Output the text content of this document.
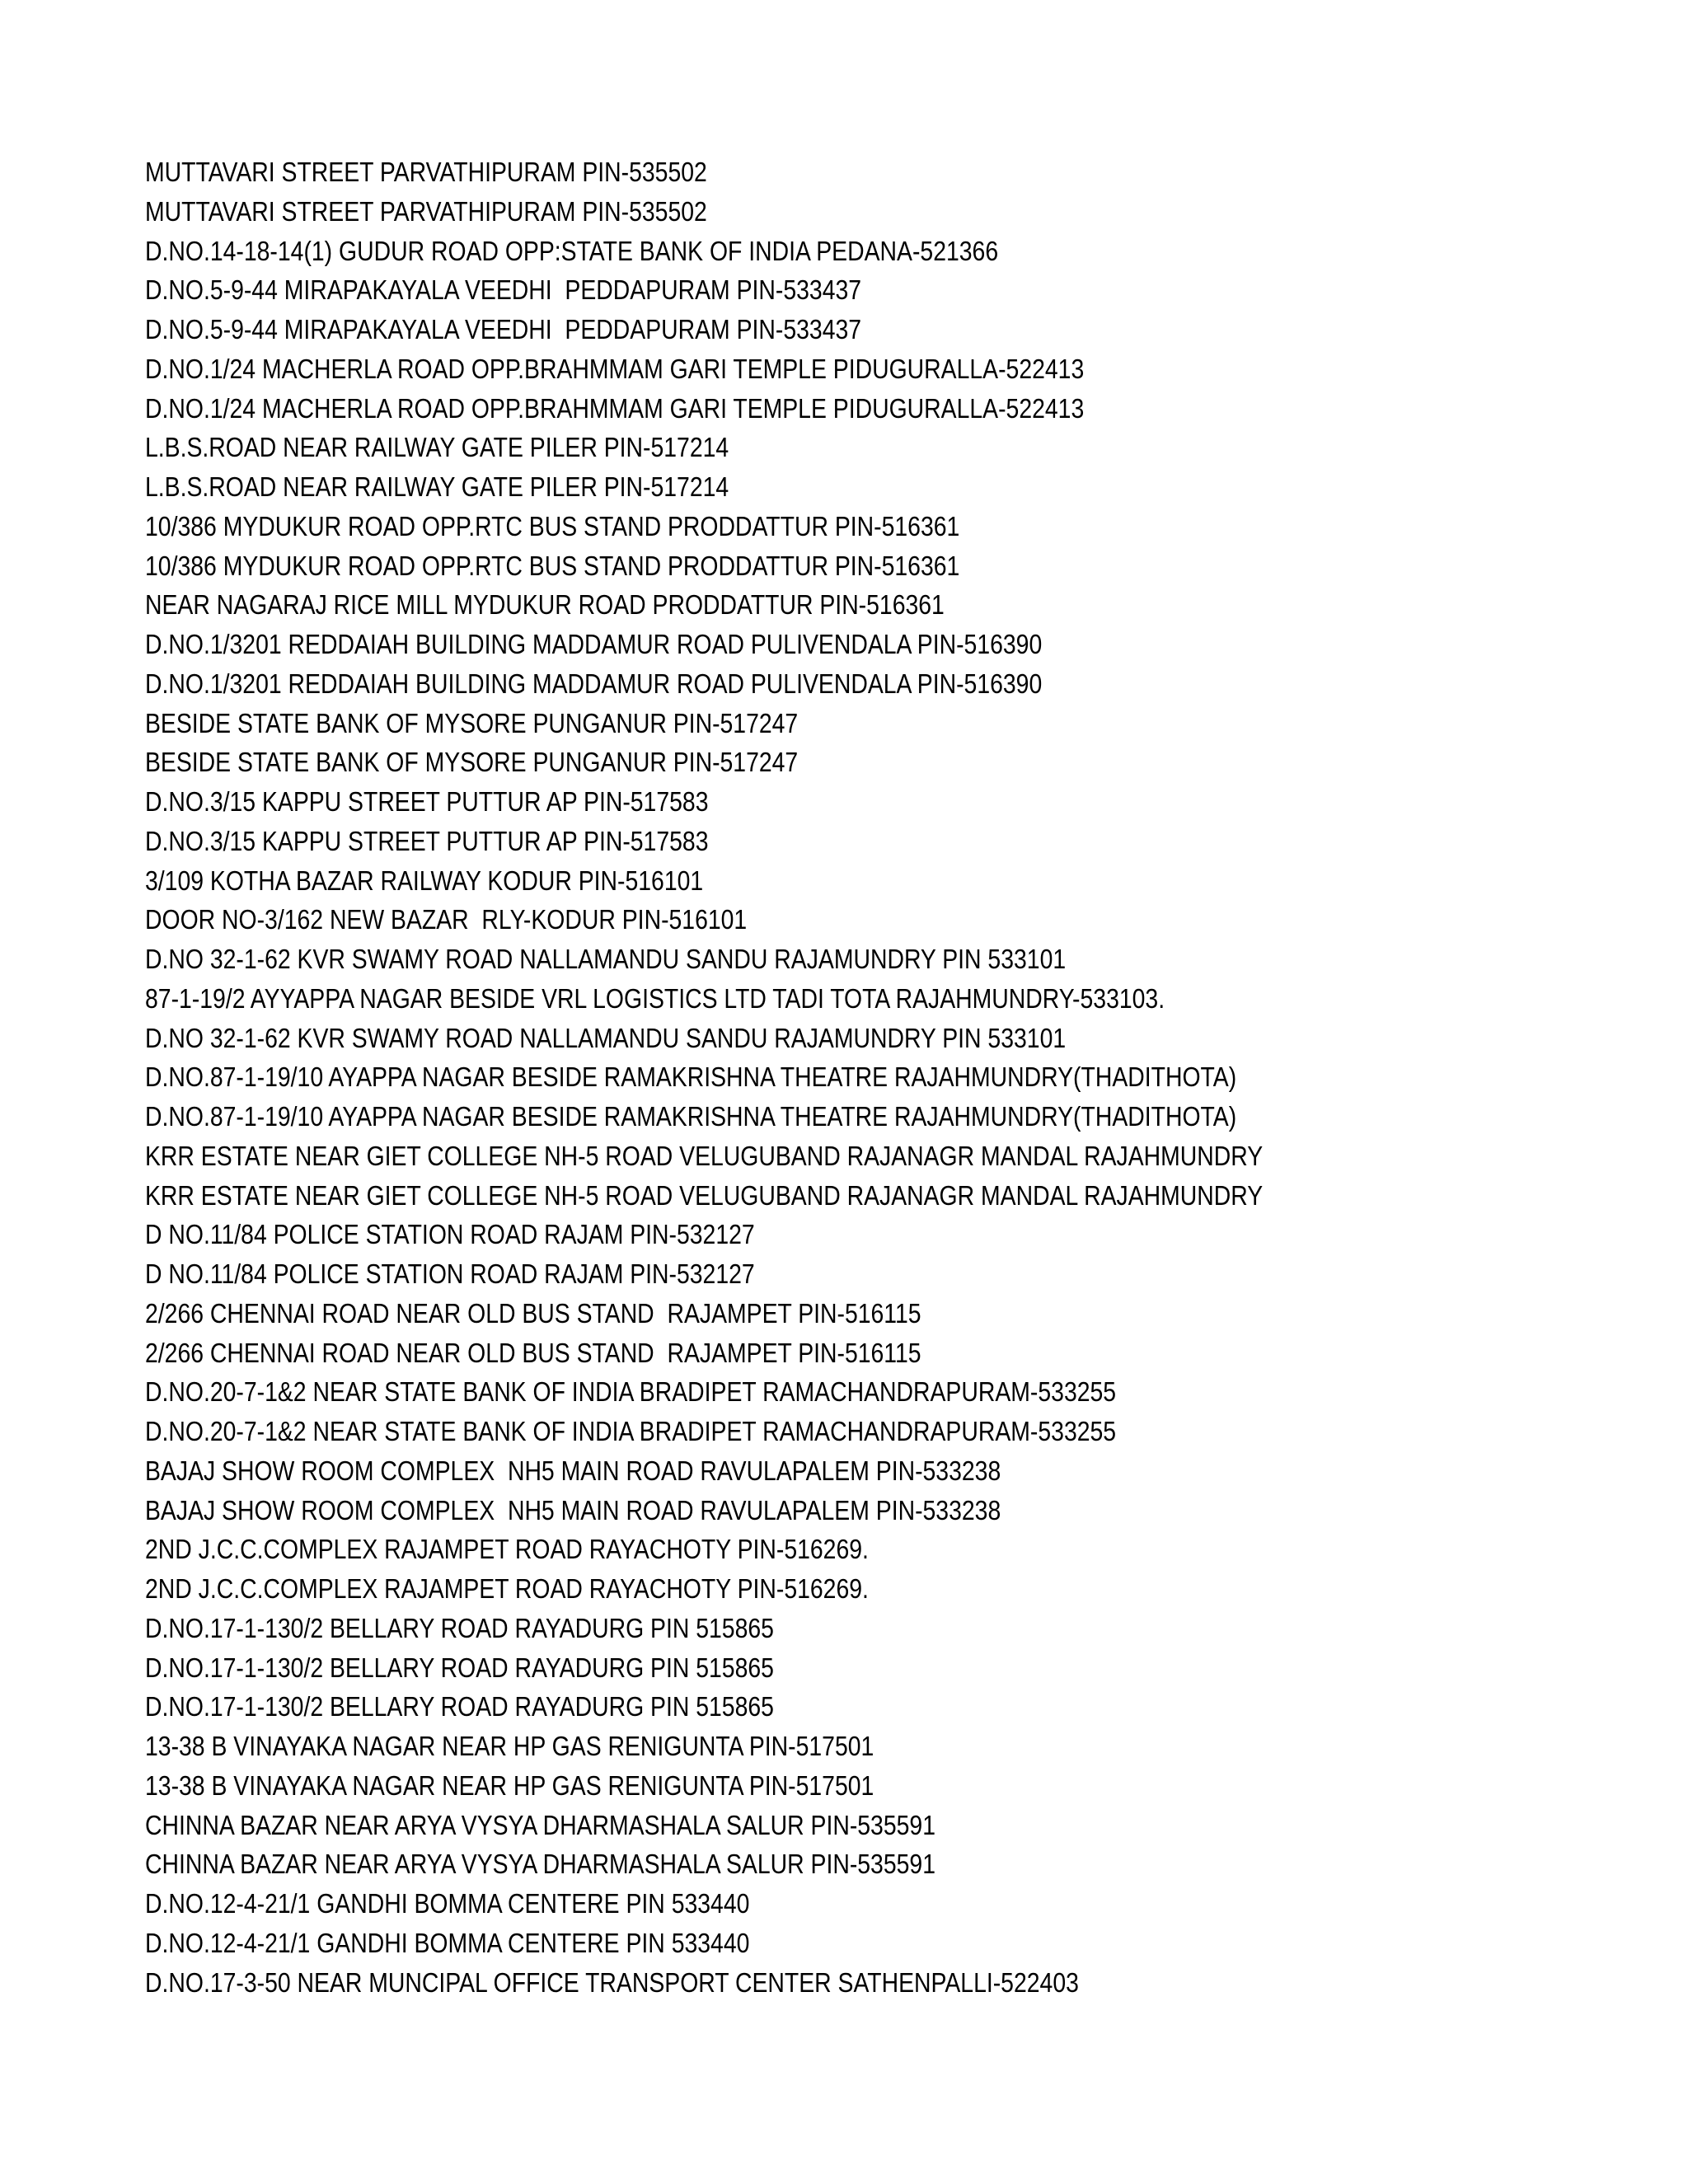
MUTTAVARI STREET PARVATHIPURAM PIN-535502
MUTTAVARI STREET PARVATHIPURAM PIN-535502
D.NO.14-18-14(1) GUDUR ROAD OPP:STATE BANK OF INDIA PEDANA-521366
D.NO.5-9-44 MIRAPAKAYALA VEEDHI  PEDDAPURAM PIN-533437
D.NO.5-9-44 MIRAPAKAYALA VEEDHI  PEDDAPURAM PIN-533437
D.NO.1/24 MACHERLA ROAD OPP.BRAHMMAM GARI TEMPLE PIDUGURALLA-522413
D.NO.1/24 MACHERLA ROAD OPP.BRAHMMAM GARI TEMPLE PIDUGURALLA-522413
L.B.S.ROAD NEAR RAILWAY GATE PILER PIN-517214
L.B.S.ROAD NEAR RAILWAY GATE PILER PIN-517214
10/386 MYDUKUR ROAD OPP.RTC BUS STAND PRODDATTUR PIN-516361
10/386 MYDUKUR ROAD OPP.RTC BUS STAND PRODDATTUR PIN-516361
NEAR NAGARAJ RICE MILL MYDUKUR ROAD PRODDATTUR PIN-516361
D.NO.1/3201 REDDAIAH BUILDING MADDAMUR ROAD PULIVENDALA PIN-516390
D.NO.1/3201 REDDAIAH BUILDING MADDAMUR ROAD PULIVENDALA PIN-516390
BESIDE STATE BANK OF MYSORE PUNGANUR PIN-517247
BESIDE STATE BANK OF MYSORE PUNGANUR PIN-517247
D.NO.3/15 KAPPU STREET PUTTUR AP PIN-517583
D.NO.3/15 KAPPU STREET PUTTUR AP PIN-517583
3/109 KOTHA BAZAR RAILWAY KODUR PIN-516101
DOOR NO-3/162 NEW BAZAR  RLY-KODUR PIN-516101
D.NO 32-1-62 KVR SWAMY ROAD NALLAMANDU SANDU RAJAMUNDRY PIN 533101
87-1-19/2 AYYAPPA NAGAR BESIDE VRL LOGISTICS LTD TADI TOTA RAJAHMUNDRY-533103.
D.NO 32-1-62 KVR SWAMY ROAD NALLAMANDU SANDU RAJAMUNDRY PIN 533101
D.NO.87-1-19/10 AYAPPA NAGAR BESIDE RAMAKRISHNA THEATRE RAJAHMUNDRY(THADITHOTA)
D.NO.87-1-19/10 AYAPPA NAGAR BESIDE RAMAKRISHNA THEATRE RAJAHMUNDRY(THADITHOTA)
KRR ESTATE NEAR GIET COLLEGE NH-5 ROAD VELUGUBAND RAJANAGR MANDAL RAJAHMUNDRY
KRR ESTATE NEAR GIET COLLEGE NH-5 ROAD VELUGUBAND RAJANAGR MANDAL RAJAHMUNDRY
D NO.11/84 POLICE STATION ROAD RAJAM PIN-532127
D NO.11/84 POLICE STATION ROAD RAJAM PIN-532127
2/266 CHENNAI ROAD NEAR OLD BUS STAND  RAJAMPET PIN-516115
2/266 CHENNAI ROAD NEAR OLD BUS STAND  RAJAMPET PIN-516115
D.NO.20-7-1&2 NEAR STATE BANK OF INDIA BRADIPET RAMACHANDRAPURAM-533255
D.NO.20-7-1&2 NEAR STATE BANK OF INDIA BRADIPET RAMACHANDRAPURAM-533255
BAJAJ SHOW ROOM COMPLEX  NH5 MAIN ROAD RAVULAPALEM PIN-533238
BAJAJ SHOW ROOM COMPLEX  NH5 MAIN ROAD RAVULAPALEM PIN-533238
2ND J.C.C.COMPLEX RAJAMPET ROAD RAYACHOTY PIN-516269.
2ND J.C.C.COMPLEX RAJAMPET ROAD RAYACHOTY PIN-516269.
D.NO.17-1-130/2 BELLARY ROAD RAYADURG PIN 515865
D.NO.17-1-130/2 BELLARY ROAD RAYADURG PIN 515865
D.NO.17-1-130/2 BELLARY ROAD RAYADURG PIN 515865
13-38 B VINAYAKA NAGAR NEAR HP GAS RENIGUNTA PIN-517501
13-38 B VINAYAKA NAGAR NEAR HP GAS RENIGUNTA PIN-517501
CHINNA BAZAR NEAR ARYA VYSYA DHARMASHALA SALUR PIN-535591
CHINNA BAZAR NEAR ARYA VYSYA DHARMASHALA SALUR PIN-535591
D.NO.12-4-21/1 GANDHI BOMMA CENTERE PIN 533440
D.NO.12-4-21/1 GANDHI BOMMA CENTERE PIN 533440
D.NO.17-3-50 NEAR MUNCIPAL OFFICE TRANSPORT CENTER SATHENPALLI-522403
